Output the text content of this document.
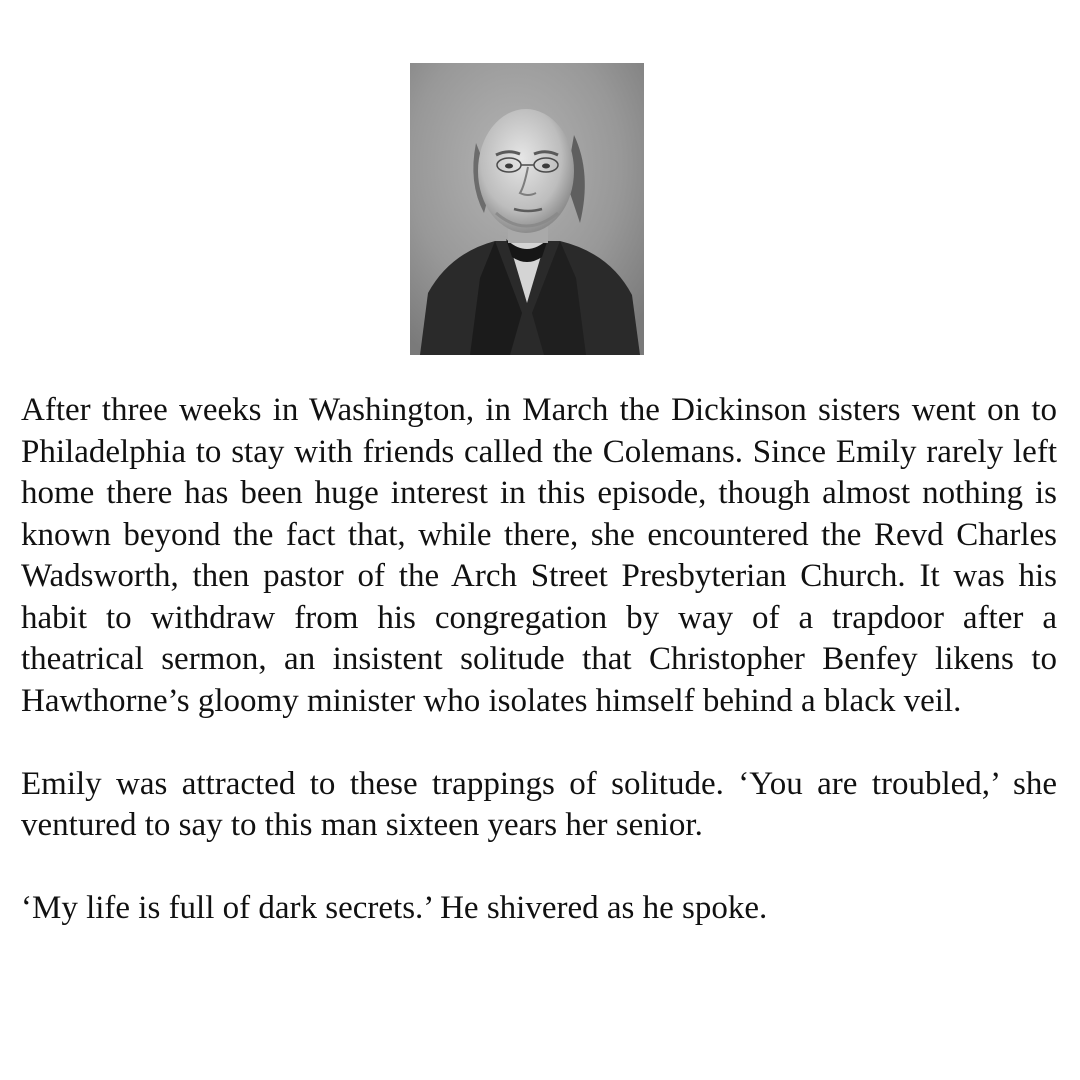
After three weeks in Washington, in March the Dickinson sisters went on to Philadelphia to stay with friends called the Colemans. Since Emily rarely left home there has been huge interest in this episode, though almost nothing is known beyond the fact that, while there, she encountered the Revd Charles Wadsworth, then pastor of the Arch Street Presbyterian Church. It was his habit to withdraw from his congregation by way of a trapdoor after a theatrical sermon, an insistent solitude that Christopher Benfey likens to Hawthorne’s gloomy minister who isolates himself behind a black veil.

Emily was attracted to these trappings of solitude. ‘You are troubled,’ she ventured to say to this man sixteen years her senior.

‘My life is full of dark secrets.’ He shivered as he spoke.
